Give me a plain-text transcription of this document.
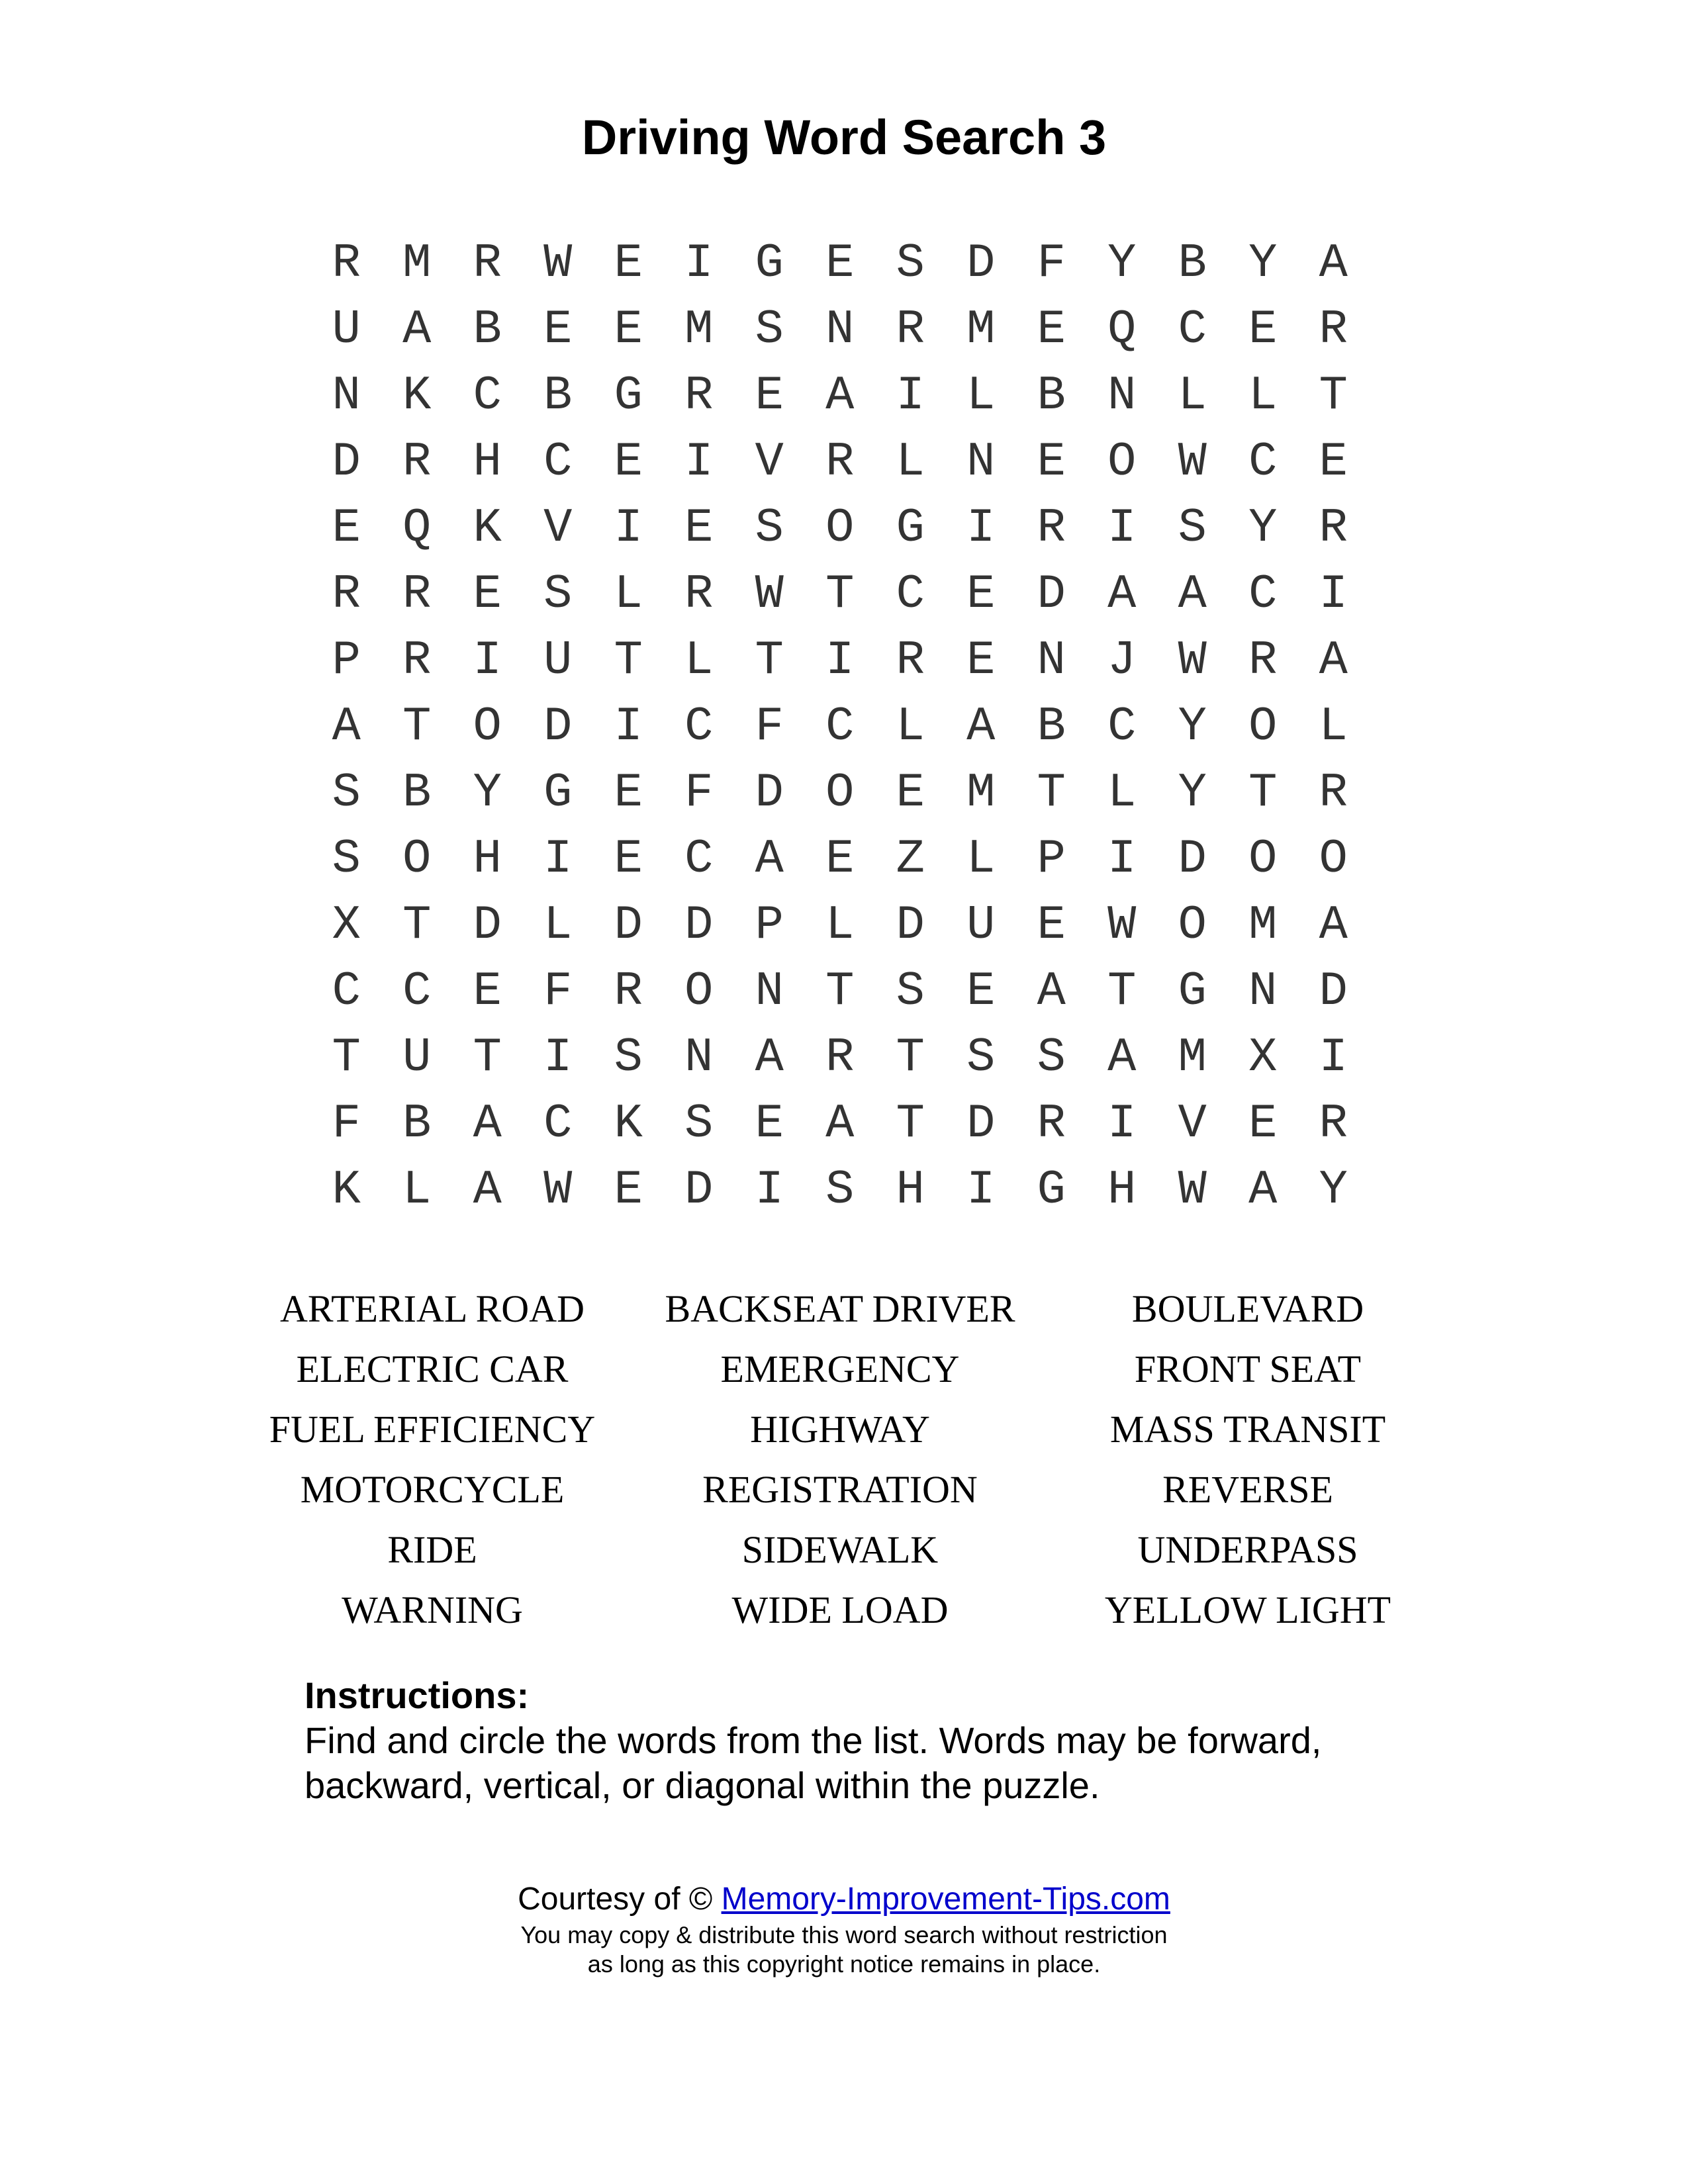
Driving Word Search 3
R M R W E I G E S D F Y B Y A
U A B E E M S N R M E Q C E R
N K C B G R E A I L B N L L T
D R H C E I V R L N E O W C E
E Q K V I E S O G I R I S Y R
R R E S L R W T C E D A A C I
P R I U T L T I R E N J W R A
A T O D I C F C L A B C Y O L
S B Y G E F D O E M T L Y T R
S O H I E C A E Z L P I D O O
X T D L D D P L D U E W O M A
C C E F R O N T S E A T G N D
T U T I S N A R T S S A M X I
F B A C K S E A T D R I V E R
K L A W E D I S H I G H W A Y
ARTERIAL ROAD	BACKSEAT DRIVER	BOULEVARD
ELECTRIC CAR	EMERGENCY	FRONT SEAT
FUEL EFFICIENCY	HIGHWAY	MASS TRANSIT
MOTORCYCLE	REGISTRATION	REVERSE
RIDE	SIDEWALK	UNDERPASS
WARNING	WIDE LOAD	YELLOW LIGHT
Instructions:
Find and circle the words from the list. Words may be forward,
backward, vertical, or diagonal within the puzzle.
Courtesy of © Memory-Improvement-Tips.com
You may copy & distribute this word search without restriction
as long as this copyright notice remains in place.
